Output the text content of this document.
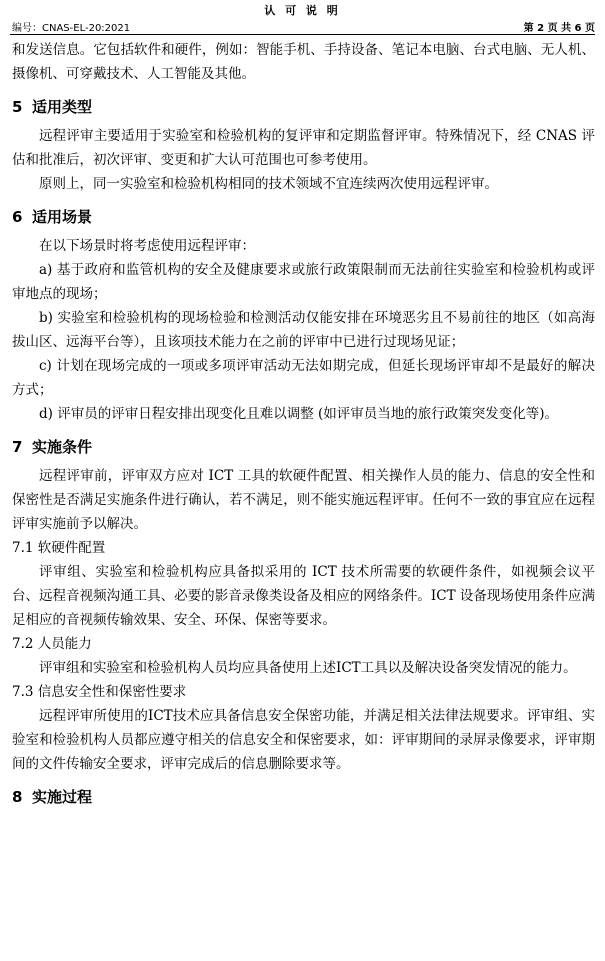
认 可 说 明
编号：CNAS-EL-20:2021	第 2 页 共 6 页

和发送信息。它包括软件和硬件，例如：智能手机、手持设备、笔记本电脑、台式电脑、无人机、摄像机、可穿戴技术、人工智能及其他。

5 适用类型

远程评审主要适用于实验室和检验机构的复评审和定期监督评审。特殊情况下，经 CNAS 评估和批准后，初次评审、变更和扩大认可范围也可参考使用。

原则上，同一实验室和检验机构相同的技术领域不宜连续两次使用远程评审。

6 适用场景

在以下场景时将考虑使用远程评审：

a) 基于政府和监管机构的安全及健康要求或旅行政策限制而无法前往实验室和检验机构或评审地点的现场；

b) 实验室和检验机构的现场检验和检测活动仅能安排在环境恶劣且不易前往的地区（如高海拔山区、远海平台等），且该项技术能力在之前的评审中已进行过现场见证；

c) 计划在现场完成的一项或多项评审活动无法如期完成，但延长现场评审却不是最好的解决方式；

d) 评审员的评审日程安排出现变化且难以调整 (如评审员当地的旅行政策突发变化等)。

7 实施条件

远程评审前，评审双方应对 ICT 工具的软硬件配置、相关操作人员的能力、信息的安全性和保密性是否满足实施条件进行确认，若不满足，则不能实施远程评审。任何不一致的事宜应在远程评审实施前予以解决。

7.1 软硬件配置

评审组、实验室和检验机构应具备拟采用的 ICT 技术所需要的软硬件条件，如视频会议平台、远程音视频沟通工具、必要的影音录像类设备及相应的网络条件。ICT 设备现场使用条件应满足相应的音视频传输效果、安全、环保、保密等要求。

7.2 人员能力

评审组和实验室和检验机构人员均应具备使用上述ICT工具以及解决设备突发情况的能力。

7.3 信息安全性和保密性要求

远程评审所使用的ICT技术应具备信息安全保密功能，并满足相关法律法规要求。评审组、实验室和检验机构人员都应遵守相关的信息安全和保密要求，如：评审期间的录屏录像要求，评审期间的文件传输安全要求，评审完成后的信息删除要求等。

8 实施过程
